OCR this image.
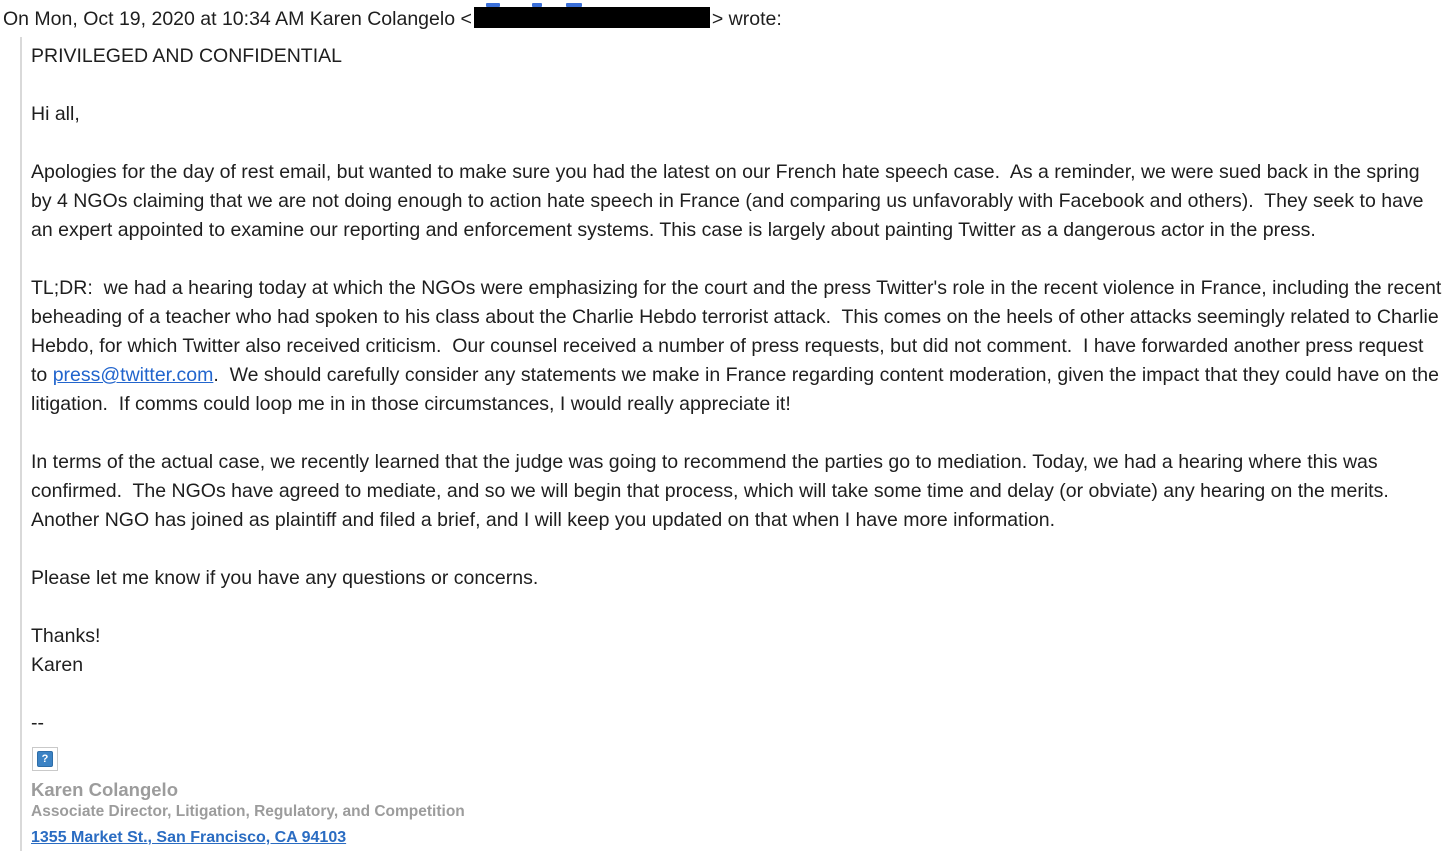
On Mon, Oct 19, 2020 at 10:34 AM Karen Colangelo <	> wrote:

PRIVILEGED AND CONFIDENTIAL

Hi all,

Apologies for the day of rest email, but wanted to make sure you had the latest on our French hate speech case.  As a reminder, we were sued back in the spring by 4 NGOs claiming that we are not doing enough to action hate speech in France (and comparing us unfavorably with Facebook and others).  They seek to have an expert appointed to examine our reporting and enforcement systems. This case is largely about painting Twitter as a dangerous actor in the press.

TL;DR:  we had a hearing today at which the NGOs were emphasizing for the court and the press Twitter's role in the recent violence in France, including the recent beheading of a teacher who had spoken to his class about the Charlie Hebdo terrorist attack.  This comes on the heels of other attacks seemingly related to Charlie Hebdo, for which Twitter also received criticism.  Our counsel received a number of press requests, but did not comment.  I have forwarded another press request to press@twitter.com.  We should carefully consider any statements we make in France regarding content moderation, given the impact that they could have on the litigation.  If comms could loop me in in those circumstances, I would really appreciate it!

In terms of the actual case, we recently learned that the judge was going to recommend the parties go to mediation. Today, we had a hearing where this was confirmed.  The NGOs have agreed to mediate, and so we will begin that process, which will take some time and delay (or obviate) any hearing on the merits.  Another NGO has joined as plaintiff and filed a brief, and I will keep you updated on that when I have more information.

Please let me know if you have any questions or concerns.

Thanks!

Karen

--

?
Karen Colangelo
Associate Director, Litigation, Regulatory, and Competition
1355 Market St., San Francisco, CA 94103
